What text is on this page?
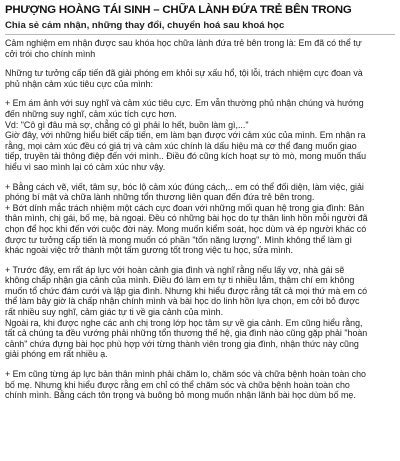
PHƯỢNG HOÀNG TÁI SINH – CHỮA LÀNH ĐỨA TRẺ BÊN TRONG
Chia sẻ cảm nhận, những thay đổi, chuyển hoá sau khoá học

Cảm nghiệm em nhận được sau khóa học chữa lành đứa trẻ bên trong là: Em đã có thể tự
cởi trói cho chính mình

Những tư tưởng cấp tiến đã giải phóng em khỏi sự xấu hổ, tội lỗi, trách nhiệm cực đoan và
phủ nhận cảm xúc tiêu cực của mình:

+ Em ám ảnh với suy nghĩ và cảm xúc tiêu cực. Em vẫn thường phủ nhận chúng và hướng
đến những suy nghĩ, cảm xúc tích cực hơn.
Vd: "Cô gì đâu mà sợ, chẳng có gì phải lo hết, buồn làm gì,..."
Giờ đây, với những hiểu biết cấp tiến, em làm bạn được với cảm xúc của mình. Em nhận ra
rằng, mọi cảm xúc đều có giá trị và cảm xúc chính là dấu hiệu mà cơ thể đang muốn giao
tiếp, truyền tải thông điệp đến với mình.. Điều đó cũng kích hoạt sự tò mò, mong muốn thấu
hiểu vì sao mình lại có cảm xúc như vậy.

+ Bằng cách vẽ, viết, tâm sự, bóc lộ cảm xúc đúng cách,.. em có thể đối diện, làm việc, giải
phóng bí mật và chữa lành những tổn thương liên quan đến đứa trẻ bên trong.
+ Bớt dính mắc trách nhiệm một cách cực đoan với những mối quan hệ trong gia đình: Bản
thân mình, chị gái, bố mẹ, bà ngoại. Đều có những bài học do tự thân linh hồn mỗi người đã
chọn để học khi đến với cuộc đời này. Mong muốn kiểm soát, học dùm và ép người khác có
được tư tưởng cấp tiến là mong muốn có phần "tốn năng lượng". Mình không thể làm gì
khác ngoài việc trở thành một tấm gương tốt trong việc tu học, sửa mình.

+ Trước đây, em rất áp lực với hoàn cảnh gia đình và nghĩ rằng nếu lấy vợ, nhà gái sẽ
không chấp nhận gia cảnh của mình. Điều đó làm em tự ti nhiều lắm, thậm chí em không
muốn tổ chức đám cưới và lập gia đình. Nhưng khi hiểu được rằng tất cả mọi thứ mà em có
thể làm bây giờ là chấp nhận chính mình và bài học do linh hồn lựa chọn, em cởi bỏ được
rất nhiều suy nghĩ, cảm giác tự ti về gia cảnh của mình.
Ngoài ra, khi được nghe các anh chị trong lớp học tâm sự về gia cảnh. Em cũng hiểu rằng,
tất cả chúng ta đều vướng phải những tổn thương thế hệ, gia đình nào cũng gặp phải "hoàn
cảnh" chứa đựng bài học phù hợp với từng thành viên trong gia đình, nhận thức này cũng
giải phóng em rất nhiều ạ.

+ Em cũng từng áp lực bản thân mình phải chăm lo, chăm sóc và chữa bệnh hoàn toàn cho
bố mẹ. Nhưng khi hiểu được rằng em chỉ có thể chăm sóc và chữa bệnh hoàn toàn cho
chính mình. Bằng cách tôn trọng và buông bỏ mong muốn nhận lãnh bài học dùm bố mẹ.
